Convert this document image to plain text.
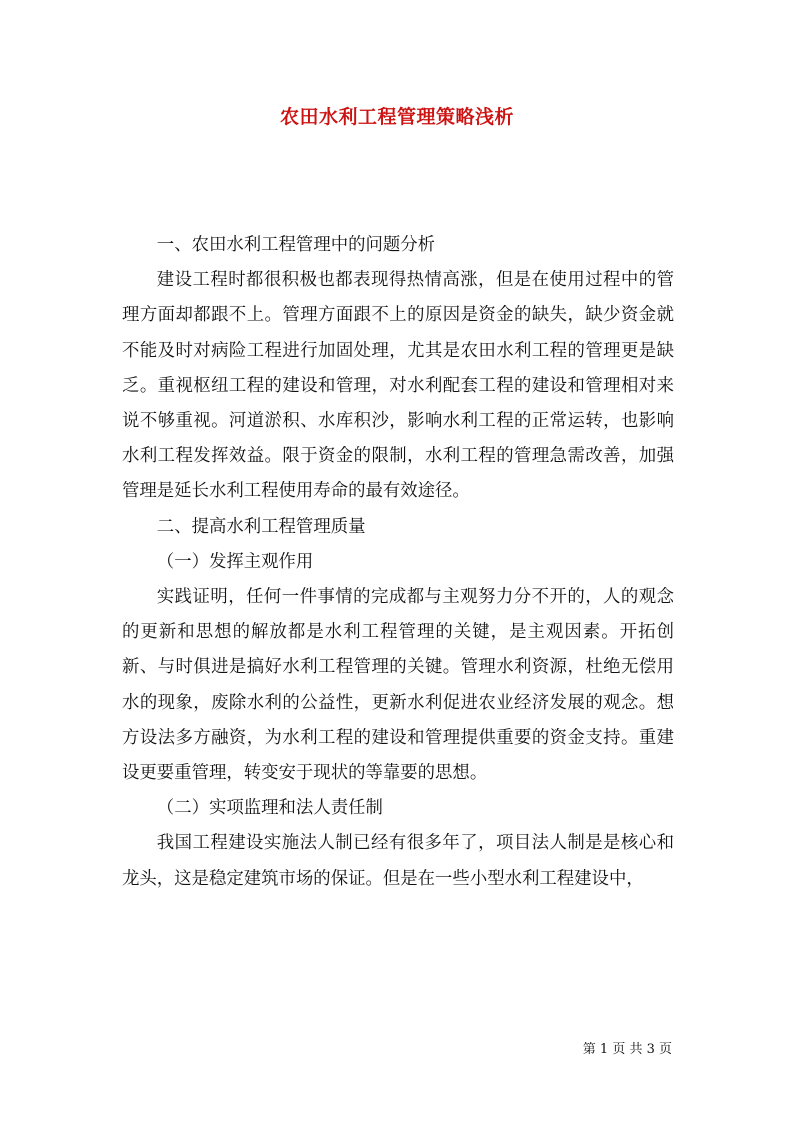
农田水利工程管理策略浅析

一、农田水利工程管理中的问题分析

建设工程时都很积极也都表现得热情高涨，但是在使用过程中的管理方面却都跟不上。管理方面跟不上的原因是资金的缺失，缺少资金就不能及时对病险工程进行加固处理，尤其是农田水利工程的管理更是缺乏。重视枢纽工程的建设和管理，对水利配套工程的建设和管理相对来说不够重视。河道淤积、水库积沙，影响水利工程的正常运转，也影响水利工程发挥效益。限于资金的限制，水利工程的管理急需改善，加强管理是延长水利工程使用寿命的最有效途径。

二、提高水利工程管理质量

（一）发挥主观作用

实践证明，任何一件事情的完成都与主观努力分不开的，人的观念的更新和思想的解放都是水利工程管理的关键，是主观因素。开拓创新、与时俱进是搞好水利工程管理的关键。管理水利资源，杜绝无偿用水的现象，废除水利的公益性，更新水利促进农业经济发展的观念。想方设法多方融资，为水利工程的建设和管理提供重要的资金支持。重建设更要重管理，转变安于现状的等靠要的思想。

（二）实项监理和法人责任制

我国工程建设实施法人制已经有很多年了，项目法人制是是核心和龙头，这是稳定建筑市场的保证。但是在一些小型水利工程建设中，

第 1 页 共 3 页
